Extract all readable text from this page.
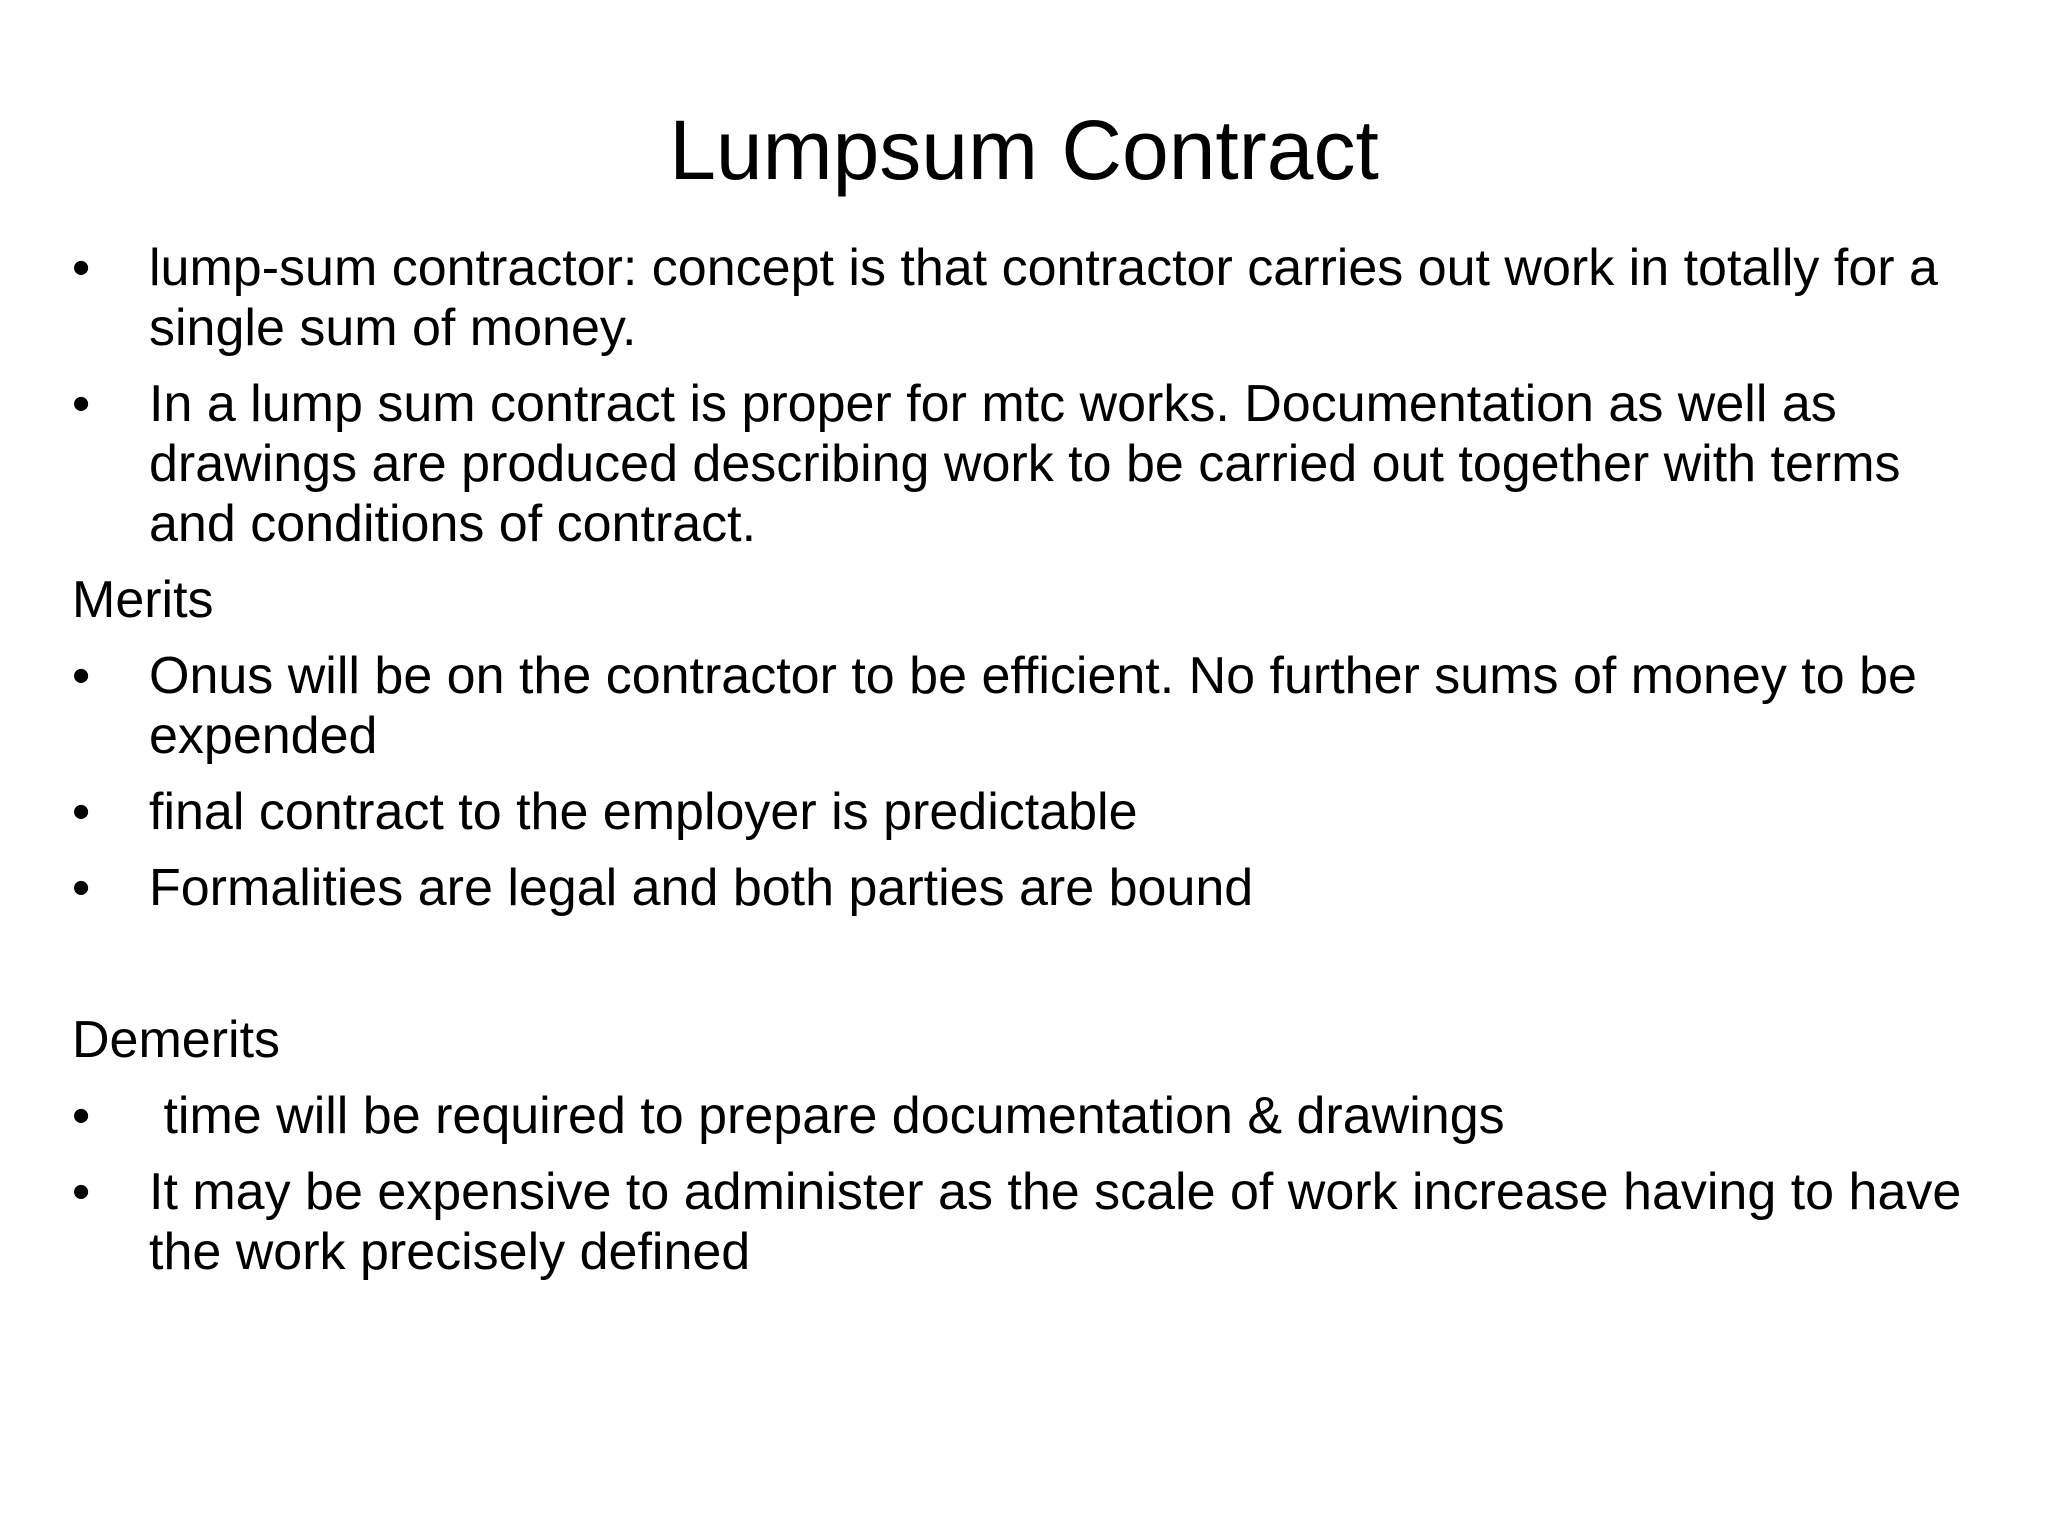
Lumpsum Contract
•	lump-sum contractor: concept is that contractor carries out work in totally for a single sum of money.
•	In a lump sum contract is proper for mtc works. Documentation as well as drawings are produced describing work to be carried out together with terms and conditions of contract.
Merits
•	Onus will be on the contractor to be efficient. No further sums of money to be expended
•	final contract to the employer is predictable
•	Formalities are legal and both parties are bound
Demerits
•	time will be required to prepare documentation & drawings
•	It may be expensive to administer as the scale of work increase having to have the work precisely defined
